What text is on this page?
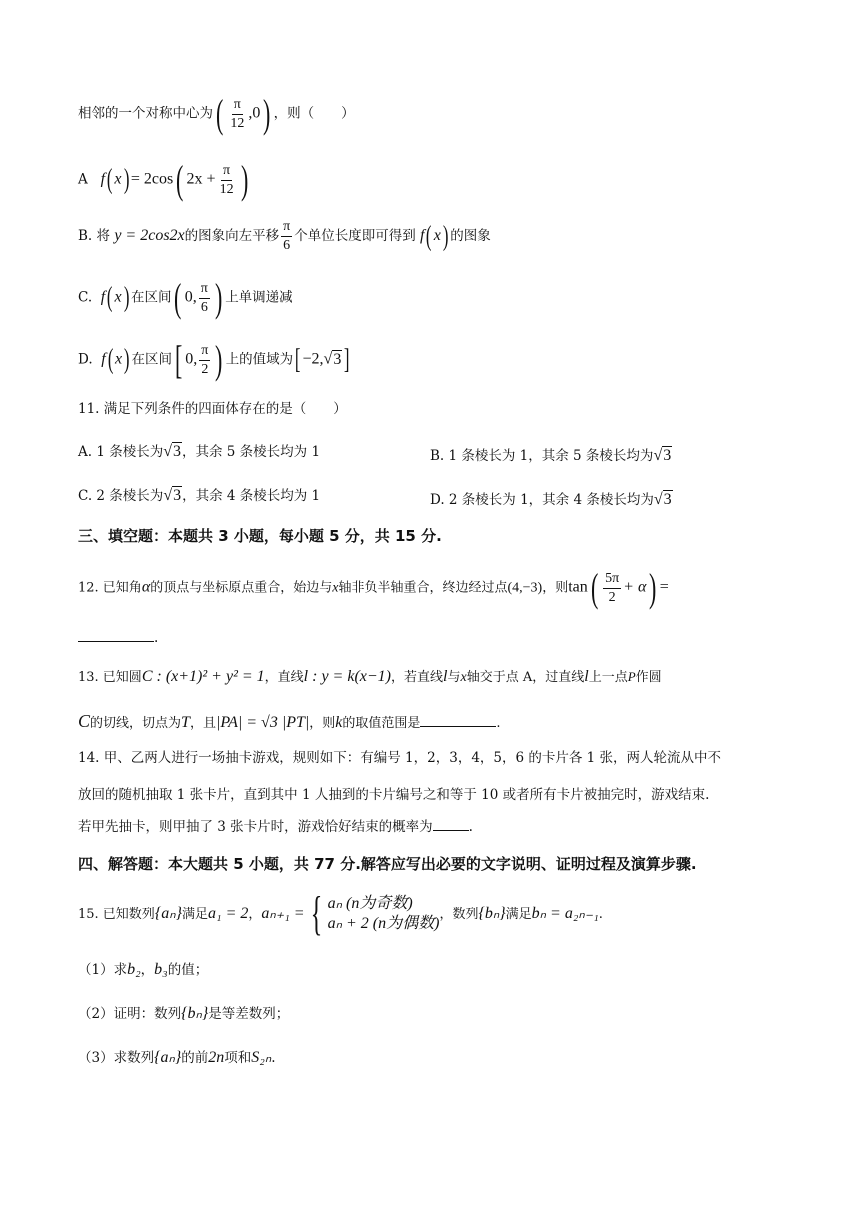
相邻的一个对称中心为( $\frac{\pi}{12} ,0$) ，则（　　）
A f( x) = 2cos( $2x + \frac{\pi}{12}$ )
B. 将 y = 2cos2x的图象向左平移 $\frac{\pi}{6}$ 个单位长度即可得到 f( x) 的图象
C. f( x) 在区间( 0, $\frac{\pi}{6}$ ) 上单调递减
D. f( x) 在区间[ 0, $\frac{\pi}{2}$ ) 上的值域为[ −2,√3 ]
11. 满足下列条件的四面体存在的是（　　）
A. 1 条棱长为√3，其余 5 条棱长均为 1	B. 1 条棱长为 1，其余 5 条棱长均为√3
C. 2 条棱长为√3，其余 4 条棱长均为 1	D. 2 条棱长为 1，其余 4 条棱长均为√3
三、填空题：本题共 3 小题，每小题 5 分，共 15 分.
12. 已知角α的顶点与坐标原点重合，始边与x轴非负半轴重合，终边经过点(4,−3)，则$\tan( \frac{5\pi}{2} + \alpha)$ =
.
13. 已知圆C : (x+1)² + y² = 1，直线l : y = k(x−1)，若直线l与x轴交于点 A，过直线l上一点P作圆
C的切线，切点为T，且|PA| = √3 |PT|，则k的取值范围是	.
14. 甲、乙两人进行一场抽卡游戏，规则如下：有编号 1，2，3，4，5，6 的卡片各 1 张，两人轮流从中不
放回的随机抽取 1 张卡片，直到其中 1 人抽到的卡片编号之和等于 10 或者所有卡片被抽完时，游戏结束.
若甲先抽卡，则甲抽了 3 张卡片时，游戏恰好结束的概率为	.
四、解答题：本大题共 5 小题，共 77 分.解答应写出必要的文字说明、证明过程及演算步骤.
15. 已知数列 {aₙ} 满足 a₁ = 2 ， aₙ₊₁ = { aₙ (n为奇数)
aₙ + 2 (n为偶数)
，数列 {bₙ} 满足 bₙ = a₂ₙ₋₁ .
（1）求b₂，b₃的值；
（2）证明：数列{bₙ}是等差数列；
（3）求数列{aₙ}的前2n项和S₂ₙ.
